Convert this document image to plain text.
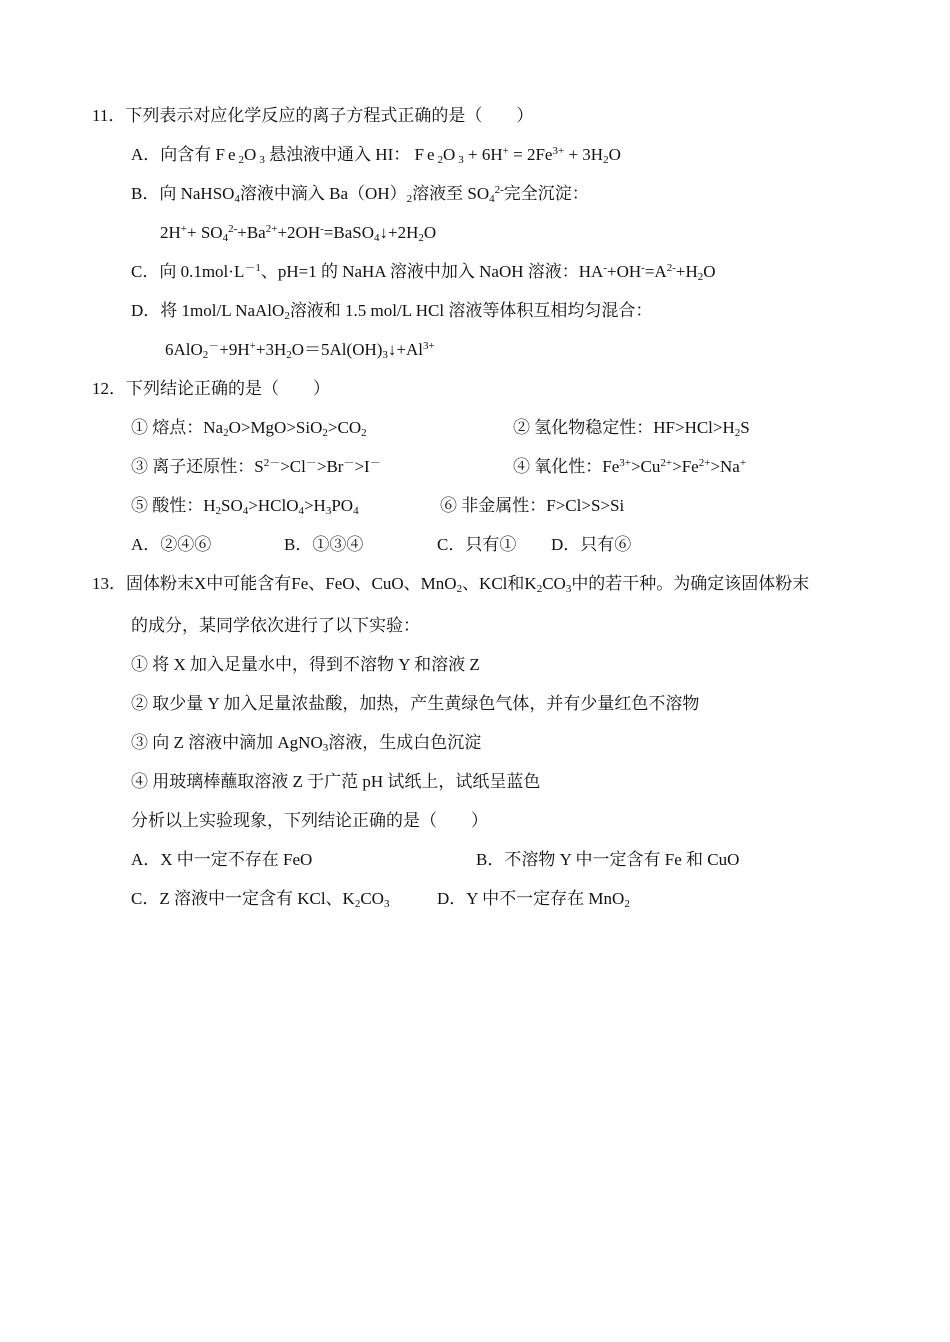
11．下列表示对应化学反应的离子方程式正确的是（　　）
A．向含有 $Fe_2O_3$ 悬浊液中通入 HI： $Fe_2O_3 + 6H^+ = 2Fe^{3+} + 3H_2O$
B．向 NaHSO$_4$溶液中滴入 $Ba(OH)_2$溶液至 $SO_4^{2-}$完全沉淀：
$2H^++ SO_4^{2-}+Ba^{2+}+2OH^-=BaSO_4↓+2H_2O$
C．向 $0.1mol\cdot L^{-1}$、pH=1 的 NaHA 溶液中加入 NaOH 溶液：$HA^-+OH^-=A^{2-}+H_2O$
D．将 1mol/L NaAlO$_2$溶液和 1.5 mol/L HCl 溶液等体积互相均匀混合：
$6AlO_2^-+9H^++3H_2O=5Al(OH)_3↓+Al^{3+}$
12．下列结论正确的是（　　）
① 熔点：$Na_2O>MgO>SiO_2>CO_2$	② 氢化物稳定性：$HF>HCl>H_2S$
③ 离子还原性：$S^{2-}>Cl^->Br^->I^-$	④ 氧化性：$Fe^{3+}>Cu^{2+}>Fe^{2+}>Na^+$
⑤ 酸性：$H_2SO_4>HClO_4>H_3PO_4$	⑥ 非金属性：F>Cl>S>Si
A．②④⑥	B．①③④	C．只有① D．只有⑥
13．固体粉末X中可能含有Fe、FeO、CuO、MnO$_2$、KCl和$K_2CO_3$中的若干种。为确定该固体粉末
的成分，某同学依次进行了以下实验：
① 将 X 加入足量水中，得到不溶物 Y 和溶液 Z
② 取少量 Y 加入足量浓盐酸，加热，产生黄绿色气体，并有少量红色不溶物
③ 向 Z 溶液中滴加 AgNO$_3$溶液，生成白色沉淀
④ 用玻璃棒蘸取溶液 Z 于广范 pH 试纸上，试纸呈蓝色
分析以上实验现象，下列结论正确的是（　　）
A．X 中一定不存在 FeO	B．不溶物 Y 中一定含有 Fe 和 CuO
C．Z 溶液中一定含有 KCl、$K_2CO_3$	D．Y 中不一定存在 MnO$_2$
